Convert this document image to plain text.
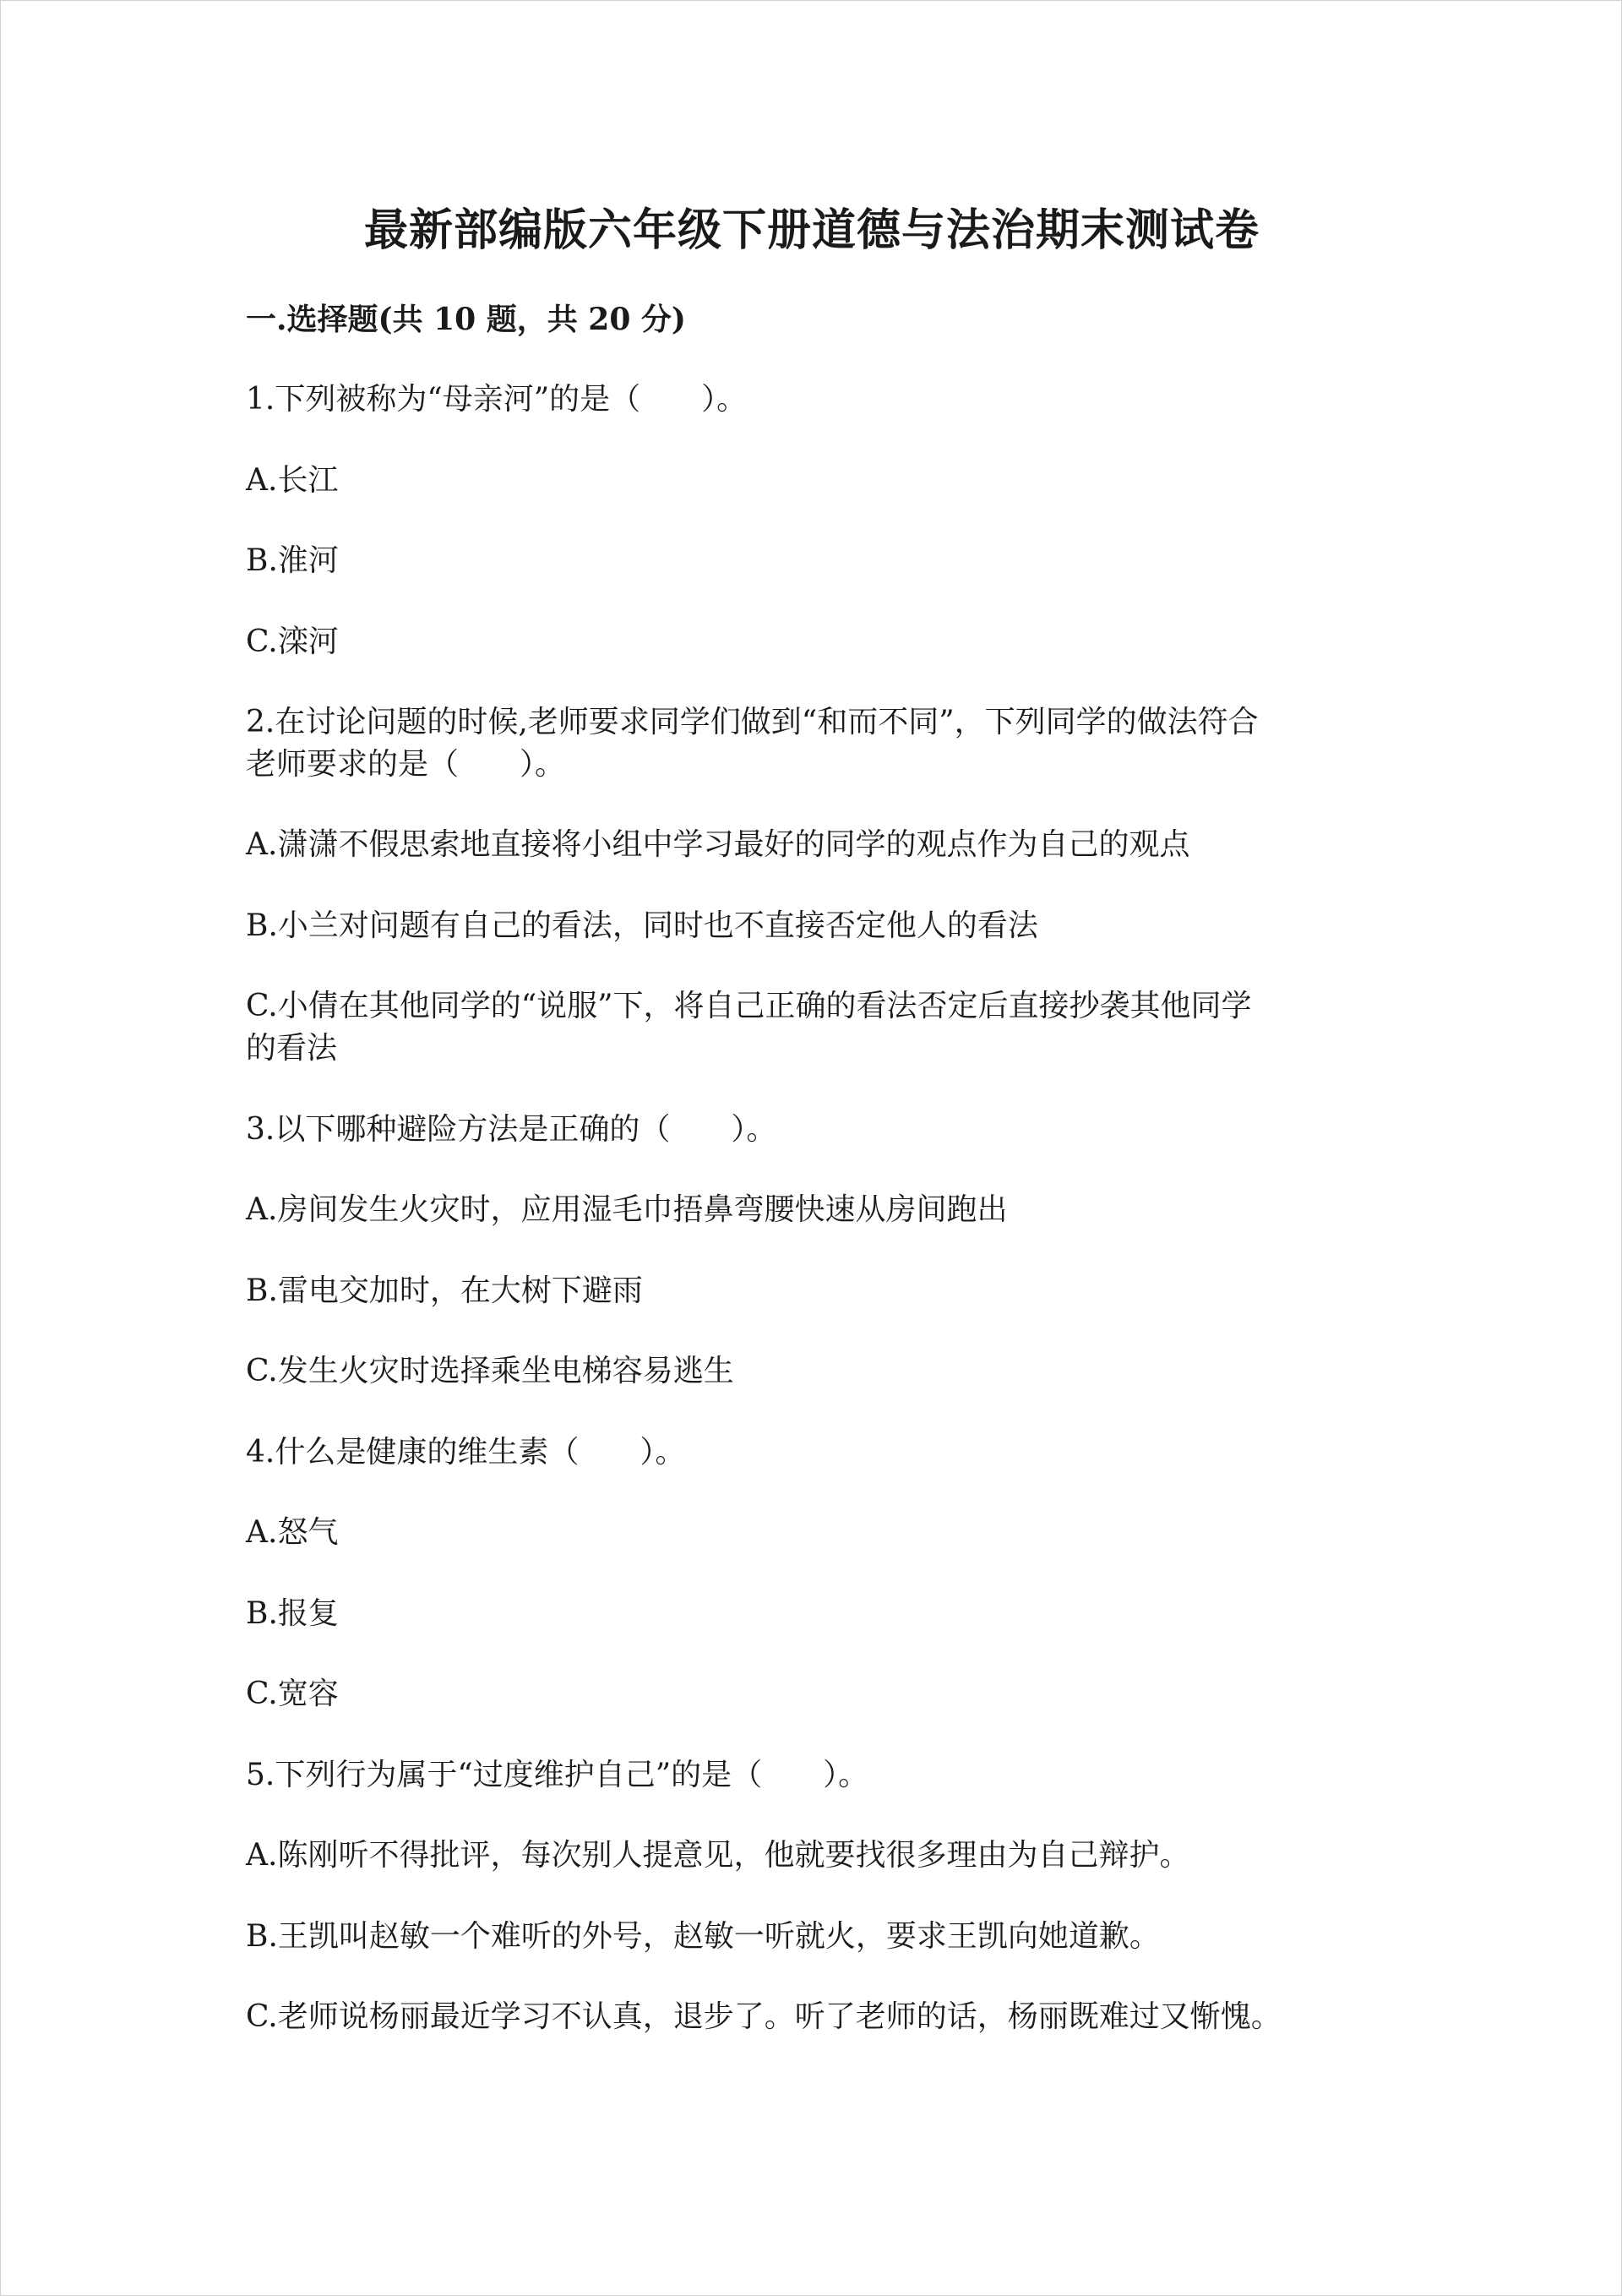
最新部编版六年级下册道德与法治期末测试卷
一.选择题(共 10 题，共 20 分)
1.下列被称为“母亲河”的是（　　）。
A.长江
B.淮河
C.滦河
2.在讨论问题的时候,老师要求同学们做到“和而不同”，下列同学的做法符合
老师要求的是（　　）。
A.潇潇不假思索地直接将小组中学习最好的同学的观点作为自己的观点
B.小兰对问题有自己的看法，同时也不直接否定他人的看法
C.小倩在其他同学的“说服”下，将自己正确的看法否定后直接抄袭其他同学
的看法
3.以下哪种避险方法是正确的（　　）。
A.房间发生火灾时，应用湿毛巾捂鼻弯腰快速从房间跑出
B.雷电交加时，在大树下避雨
C.发生火灾时选择乘坐电梯容易逃生
4.什么是健康的维生素（　　）。
A.怒气
B.报复
C.宽容
5.下列行为属于“过度维护自己”的是（　　）。
A.陈刚听不得批评，每次别人提意见，他就要找很多理由为自己辩护。
B.王凯叫赵敏一个难听的外号，赵敏一听就火，要求王凯向她道歉。
C.老师说杨丽最近学习不认真，退步了。听了老师的话，杨丽既难过又惭愧。
